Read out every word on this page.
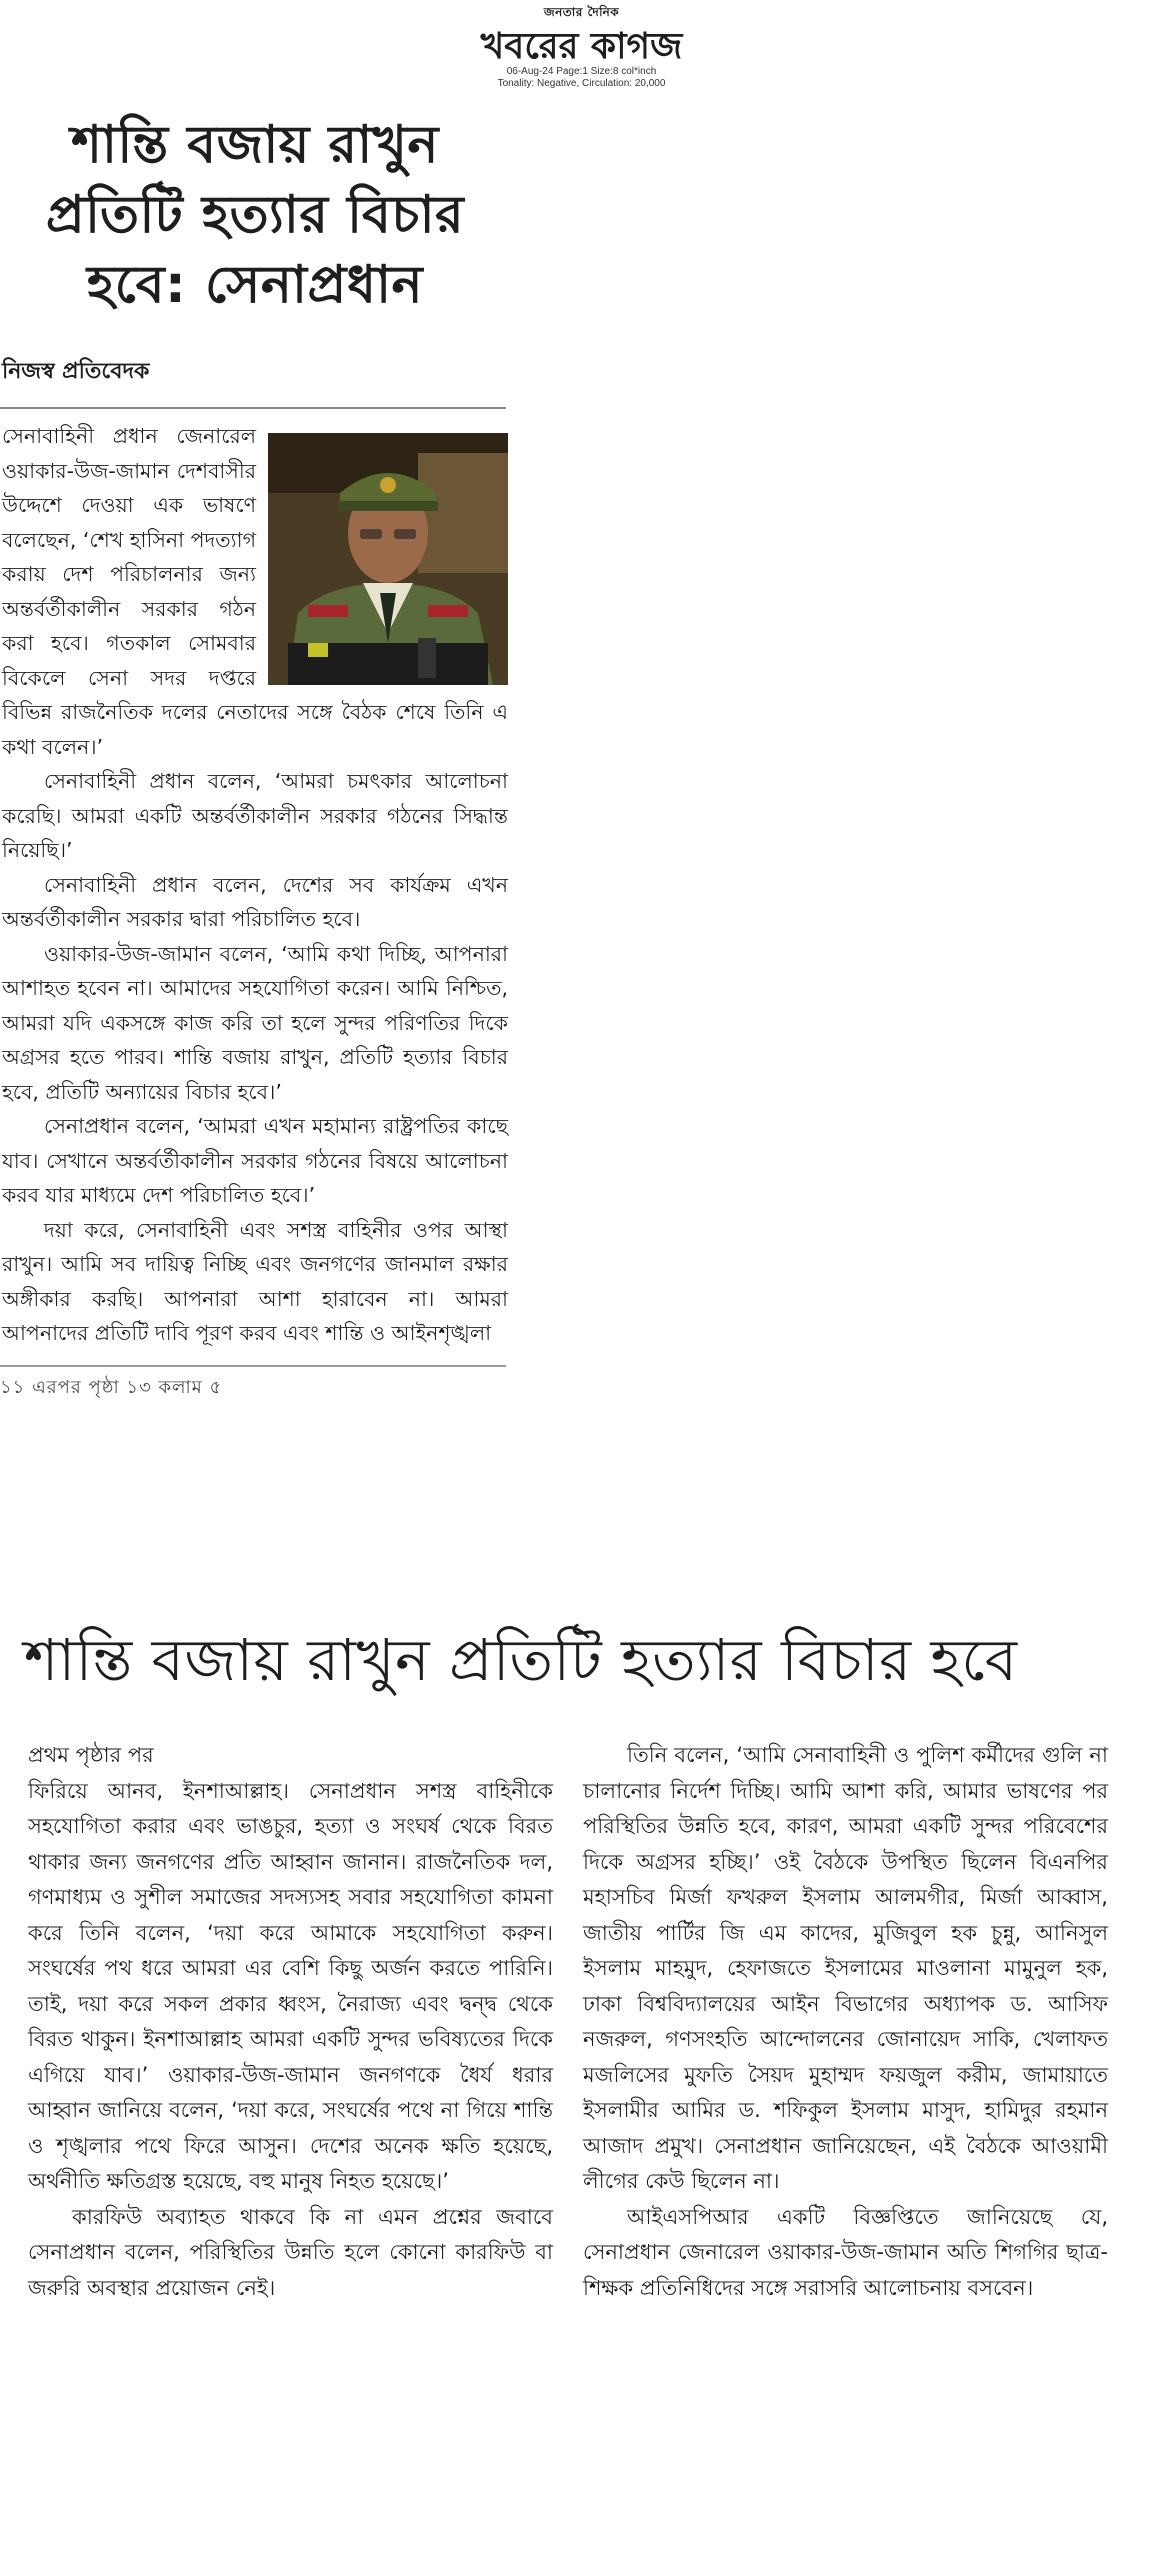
জনতার দৈনিক
খবরের কাগজ
06-Aug-24 Page:1 Size:8 col*inch
Tonality: Negative, Circulation: 20,000
শান্তি বজায় রাখুন প্রতিটি হত্যার বিচার হবে: সেনাপ্রধান
নিজস্ব প্রতিবেদক

সেনাবাহিনী প্রধান জেনারেল ওয়াকার-উজ-জামান দেশবাসীর উদ্দেশে দেওয়া এক ভাষণে বলেছেন, ‘শেখ হাসিনা পদত্যাগ করায় দেশ পরিচালনার জন্য অন্তর্বর্তীকালীন সরকার গঠন করা হবে। গতকাল সোমবার বিকেলে সেনা সদর দপ্তরে বিভিন্ন রাজনৈতিক দলের নেতাদের সঙ্গে বৈঠক শেষে তিনি এ কথা বলেন।’

সেনাবাহিনী প্রধান বলেন, ‘আমরা চমৎকার আলোচনা করেছি। আমরা একটি অন্তর্বর্তীকালীন সরকার গঠনের সিদ্ধান্ত নিয়েছি।’

সেনাবাহিনী প্রধান বলেন, দেশের সব কার্যক্রম এখন অন্তর্বর্তীকালীন সরকার দ্বারা পরিচালিত হবে।

ওয়াকার-উজ-জামান বলেন, ‘আমি কথা দিচ্ছি, আপনারা আশাহত হবেন না। আমাদের সহযোগিতা করেন। আমি নিশ্চিত, আমরা যদি একসঙ্গে কাজ করি তা হলে সুন্দর পরিণতির দিকে অগ্রসর হতে পারব। শান্তি বজায় রাখুন, প্রতিটি হত্যার বিচার হবে, প্রতিটি অন্যায়ের বিচার হবে।’

সেনাপ্রধান বলেন, ‘আমরা এখন মহামান্য রাষ্ট্রপতির কাছে যাব। সেখানে অন্তর্বর্তীকালীন সরকার গঠনের বিষয়ে আলোচনা করব যার মাধ্যমে দেশ পরিচালিত হবে।’

দয়া করে, সেনাবাহিনী এবং সশস্ত্র বাহিনীর ওপর আস্থা রাখুন। আমি সব দায়িত্ব নিচ্ছি এবং জনগণের জানমাল রক্ষার অঙ্গীকার করছি। আপনারা আশা হারাবেন না। আমরা আপনাদের প্রতিটি দাবি পূরণ করব এবং শান্তি ও আইনশৃঙ্খলা

১১ এরপর পৃষ্ঠা ১৩ কলাম ৫
শান্তি বজায় রাখুন প্রতিটি হত্যার বিচার হবে
প্রথম পৃষ্ঠার পর

ফিরিয়ে আনব, ইনশাআল্লাহ। সেনাপ্রধান সশস্ত্র বাহিনীকে সহযোগিতা করার এবং ভাঙচুর, হত্যা ও সংঘর্ষ থেকে বিরত থাকার জন্য জনগণের প্রতি আহ্বান জানান। রাজনৈতিক দল, গণমাধ্যম ও সুশীল সমাজের সদস্যসহ সবার সহযোগিতা কামনা করে তিনি বলেন, ‘দয়া করে আমাকে সহযোগিতা করুন। সংঘর্ষের পথ ধরে আমরা এর বেশি কিছু অর্জন করতে পারিনি। তাই, দয়া করে সকল প্রকার ধ্বংস, নৈরাজ্য এবং দ্বন্দ্ব থেকে বিরত থাকুন। ইনশাআল্লাহ আমরা একটি সুন্দর ভবিষ্যতের দিকে এগিয়ে যাব।’ ওয়াকার-উজ-জামান জনগণকে ধৈর্য ধরার আহ্বান জানিয়ে বলেন, ‘দয়া করে, সংঘর্ষের পথে না গিয়ে শান্তি ও শৃঙ্খলার পথে ফিরে আসুন। দেশের অনেক ক্ষতি হয়েছে, অর্থনীতি ক্ষতিগ্রস্ত হয়েছে, বহু মানুষ নিহত হয়েছে।’

কারফিউ অব্যাহত থাকবে কি না এমন প্রশ্নের জবাবে সেনাপ্রধান বলেন, পরিস্থিতির উন্নতি হলে কোনো কারফিউ বা জরুরি অবস্থার প্রয়োজন নেই।

তিনি বলেন, ‘আমি সেনাবাহিনী ও পুলিশ কর্মীদের গুলি না চালানোর নির্দেশ দিচ্ছি। আমি আশা করি, আমার ভাষণের পর পরিস্থিতির উন্নতি হবে, কারণ, আমরা একটি সুন্দর পরিবেশের দিকে অগ্রসর হচ্ছি।’ ওই বৈঠকে উপস্থিত ছিলেন বিএনপির মহাসচিব মির্জা ফখরুল ইসলাম আলমগীর, মির্জা আব্বাস, জাতীয় পার্টির জি এম কাদের, মুজিবুল হক চুন্নু, আনিসুল ইসলাম মাহমুদ, হেফাজতে ইসলামের মাওলানা মামুনুল হক, ঢাকা বিশ্ববিদ্যালয়ের আইন বিভাগের অধ্যাপক ড. আসিফ নজরুল, গণসংহতি আন্দোলনের জোনায়েদ সাকি, খেলাফত মজলিসের মুফতি সৈয়দ মুহাম্মদ ফয়জুল করীম, জামায়াতে ইসলামীর আমির ড. শফিকুল ইসলাম মাসুদ, হামিদুর রহমান আজাদ প্রমুখ। সেনাপ্রধান জানিয়েছেন, এই বৈঠকে আওয়ামী লীগের কেউ ছিলেন না।

আইএসপিআর একটি বিজ্ঞপ্তিতে জানিয়েছে যে, সেনাপ্রধান জেনারেল ওয়াকার-উজ-জামান অতি শিগগির ছাত্র-শিক্ষক প্রতিনিধিদের সঙ্গে সরাসরি আলোচনায় বসবেন।
